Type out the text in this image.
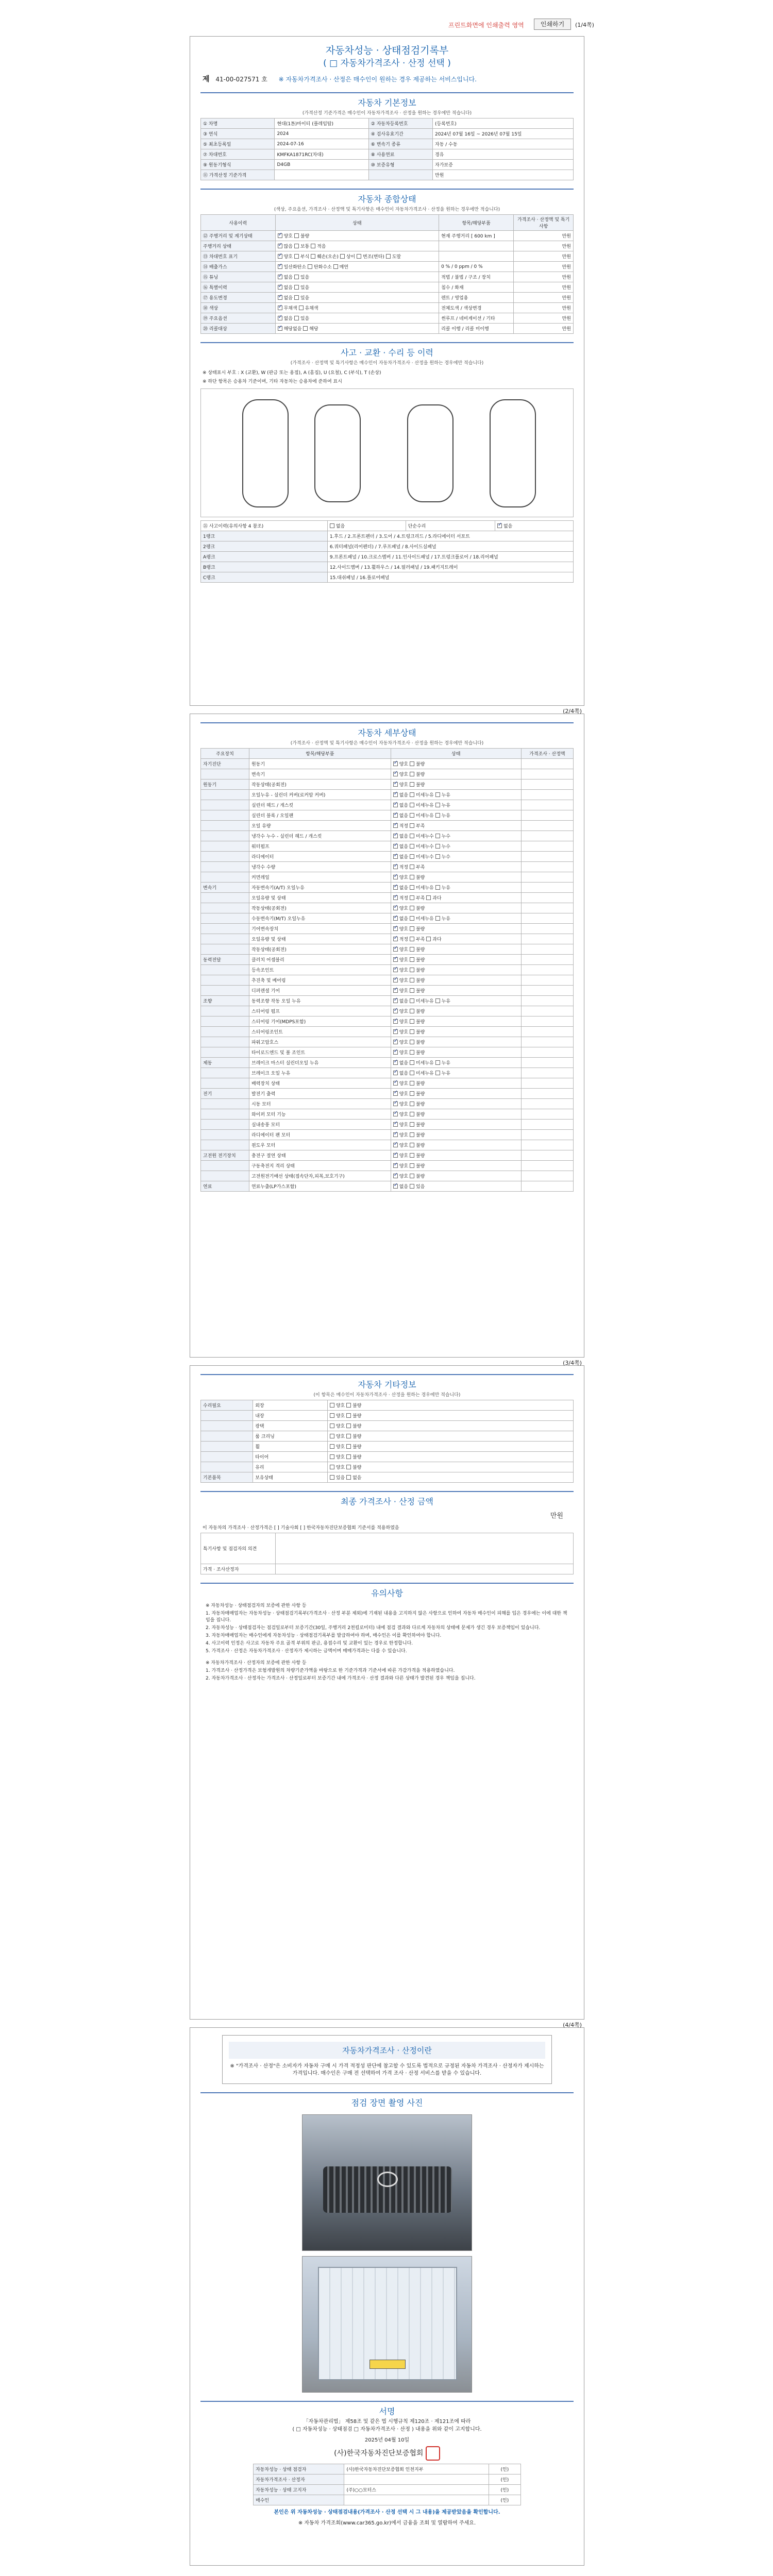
프린트화면에 인쇄출력 영역	인쇄하기	(1/4쪽)
자동차성능 · 상태점검기록부
( □ 자동차가격조사 · 산정 선택 )
제 41-00-027571 호 ※ 자동차가격조사 · 산정은 매수인이 원하는 경우 제공하는 서비스입니다.
자동차 기본정보
(가격산정 기준가격은 매수인이 자동차가격조사 · 산정을 원하는 경우에만 적습니다)
① 차명	현대(1톤)마이티 (플레임탑)	② 자동차등록번호	(등록번호)
③ 연식	2024	④ 검사유효기간	2024년 07월 16일 ~ 2026년 07월 15일
⑤ 최초등록일	2024-07-16	⑥ 변속기 종류	자동 / 수동
⑦ 차대번호	KMFKA1871RC(차대)	⑧ 사용연료	경유
⑨ 원동기형식	D4GB	⑩ 보증유형	자가보증
⑪ 가격산정 기준가격			만원
자동차 종합상태
(색상, 주요옵션, 가격조사 · 산정액 및 특기사항은 매수인이 자동차가격조사 · 산정을 원하는 경우에만 적습니다)
사용이력	상태	항목/해당부품	가격조사 · 산정액 및 특기사항
⑫ 주행거리 및 계기상태	✓양호 불량	현재 주행거리 [ 600 km ]	만원
주행거리 상태	✓많음 보통 적음		만원
⑬ 차대번호 표기	✓양호 부식 훼손(오손) 상이 변조(변타) 도말		만원
⑭ 배출가스	✓일산화탄소 탄화수소 매연	0 % / 0 ppm / 0 %	만원
⑮ 튜닝	✓없음 있음	적법 / 불법 / 구조 / 장치	만원
⑯ 특별이력	✓없음 있음	침수 / 화재	만원
⑰ 용도변경	✓없음 있음	렌트 / 영업용	만원
⑱ 색상	✓무채색 유채색	전체도색 / 색상변경	만원
⑲ 주요옵션	✓없음 있음	썬루프 / 네비게이션 / 기타	만원
⑳ 리콜대상	✓해당없음 해당	리콜 이행 / 리콜 미이행	만원
사고 · 교환 · 수리 등 이력
(가격조사 · 산정액 및 특기사항은 매수인이 자동차가격조사 · 산정을 원하는 경우에만 적습니다)
※ 상태표시 부호 : X (교환), W (판금 또는 용접), A (흠집), U (요철), C (부식), T (손상)
※ 하단 항목은 승용차 기준이며, 기타 자동차는 승용차에 준하여 표시
㉑ 사고이력(유의사항 4 참조)	없음	단순수리	✓없음
1랭크	1.후드 / 2.프론트펜더 / 3.도어 / 4.트렁크리드 / 5.라디에이터 서포트		
2랭크	6.쿼터패널(리어펜더) / 7.루프패널 / 8.사이드실패널		
A랭크	9.프론트패널 / 10.크로스멤버 / 11.인사이드패널 / 17.트렁크플로어 / 18.리어패널		
B랭크	12.사이드멤버 / 13.휠하우스 / 14.필러패널 / 19.패키지트레이		
C랭크	15.대쉬패널 / 16.플로어패널		
(2/4쪽)
자동차 세부상태
(가격조사 · 산정액 및 특기사항은 매수인이 자동차가격조사 · 산정을 원하는 경우에만 적습니다)
주요장치	항목/해당부품	상태	가격조사 · 산정액
자기진단	원동기	✓양호 불량	
	변속기	✓양호 불량	
원동기	작동상태(공회전)	✓양호 불량	
	오일누유 - 실린더 커버(로커암 커버)	✓없음 미세누유 누유	
	실린더 헤드 / 개스킷	✓없음 미세누유 누유	
	실린더 블록 / 오일팬	✓없음 미세누유 누유	
	오일 유량	✓적정 부족	
	냉각수 누수 - 실린더 헤드 / 개스킷	✓없음 미세누수 누수	
	워터펌프	✓없음 미세누수 누수	
	라디에이터	✓없음 미세누수 누수	
	냉각수 수량	✓적정 부족	
	커먼레일	✓양호 불량	
변속기	자동변속기(A/T) 오일누유	✓없음 미세누유 누유	
	오일유량 및 상태	✓적정 부족 과다	
	작동상태(공회전)	✓양호 불량	
	수동변속기(M/T) 오일누유	✓없음 미세누유 누유	
	기어변속장치	✓양호 불량	
	오일유량 및 상태	✓적정 부족 과다	
	작동상태(공회전)	✓양호 불량	
동력전달	클러치 어셈블리	✓양호 불량	
	등속조인트	✓양호 불량	
	추진축 및 베어링	✓양호 불량	
	디퍼렌셜 기어	✓양호 불량	
조향	동력조향 작동 오일 누유	✓없음 미세누유 누유	
	스티어링 펌프	✓양호 불량	
	스티어링 기어(MDPS포함)	✓양호 불량	
	스티어링조인트	✓양호 불량	
	파워고압호스	✓양호 불량	
	타이로드엔드 및 볼 조인트	✓양호 불량	
제동	브레이크 마스터 실린더오일 누유	✓없음 미세누유 누유	
	브레이크 오일 누유	✓없음 미세누유 누유	
	배력장치 상태	✓양호 불량	
전기	발전기 출력	✓양호 불량	
	시동 모터	✓양호 불량	
	와이퍼 모터 기능	✓양호 불량	
	실내송풍 모터	✓양호 불량	
	라디에이터 팬 모터	✓양호 불량	
	윈도우 모터	✓양호 불량	
고전원 전기장치	충전구 절연 상태	✓양호 불량	
	구동축전지 격리 상태	✓양호 불량	
	고전원전기배선 상태(접속단자,피복,보호기구)	✓양호 불량	
연료	연료누출(LP가스포함)	✓없음 있음	
(3/4쪽)
자동차 기타정보
(이 항목은 매수인이 자동차가격조사 · 산정을 원하는 경우에만 적습니다)
수리필요	외장	양호 불량
	내장	양호 불량
	광택	양호 불량
	룸 크리닝	양호 불량
	휠	양호 불량
	타이어	양호 불량
	유리	양호 불량
기본품목	보유상태	있음 없음
최종 가격조사 · 산정 금액
만원
이 자동차의 가격조사 · 산정가격은 [ ] 기술사회 [ ] 한국자동차진단보증협회 기준서를 적용하였음
특기사항 및 점검자의 의견	
가격 · 조사산정자	
유의사항

※ 자동차성능 · 상태점검자의 보증에 관한 사항 등

1. 자동차매매업자는 자동차성능 · 상태점검기록부(가격조사 · 산정 부분 제외)에 기재된 내용을 고지하지 않은 사항으로 인하여 자동차 매수인이 피해를 입은 경우에는 이에 대한 책임을 집니다.

2. 자동차성능 · 상태점검자는 점검일로부터 보증기간(30일, 주행거리 2천킬로미터) 내에 점검 결과와 다르게 자동차의 상태에 문제가 생긴 경우 보증책임이 있습니다.

3. 자동차매매업자는 매수인에게 자동차성능 · 상태점검기록부를 발급하여야 하며, 매수인은 이를 확인하여야 합니다.

4. 사고이력 인정은 사고로 자동차 주요 골격 부위의 판금, 용접수리 및 교환이 있는 경우로 한정합니다.

5. 가격조사 · 산정은 자동차가격조사 · 산정자가 제시하는 금액이며 매매가격과는 다를 수 있습니다.

※ 자동차가격조사 · 산정자의 보증에 관한 사항 등

1. 가격조사 · 산정가격은 보험개발원의 차량기준가액을 바탕으로 한 기준가격과 기준서에 따른 가감가격을 적용하였습니다.

2. 자동차가격조사 · 산정자는 가격조사 · 산정일로부터 보증기간 내에 가격조사 · 산정 결과와 다른 상태가 발견된 경우 책임을 집니다.

(4/4쪽)
자동차가격조사 · 산정이란

※ "가격조사 · 산정"은 소비자가 자동차 구매 시 가격 적정성 판단에 참고할 수 있도록 법적으로 규정된 자동차 가격조사 · 산정자가 제시하는 가격입니다. 매수인은 구매 전 선택하여 가격 조사 · 산정 서비스를 받을 수 있습니다.

점검 장면 촬영 사진
서명

「자동차관리법」 제58조 및 같은 법 시행규칙 제120조 · 제121조에 따라

( □ 자동차성능 · 상태점검 □ 자동차가격조사 · 산정 ) 내용을 위와 같이 고지합니다.

2025년 04월 10일

(사)한국자동차진단보증협회

자동차성능 · 상태 점검자	(사)한국자동차진단보증협회 인천지부	(인)
자동차가격조사 · 산정자		(인)
자동차성능 · 상태 고지자	(주)○○모터스	(인)
매수인		(인)

본인은 위 자동차성능 · 상태점검내용(가격조사 · 산정 선택 시 그 내용)을 제공받았음을 확인합니다.

※ 자동차 가격조회(www.car365.go.kr)에서 금융을 조회 및 열람하여 주세요.
